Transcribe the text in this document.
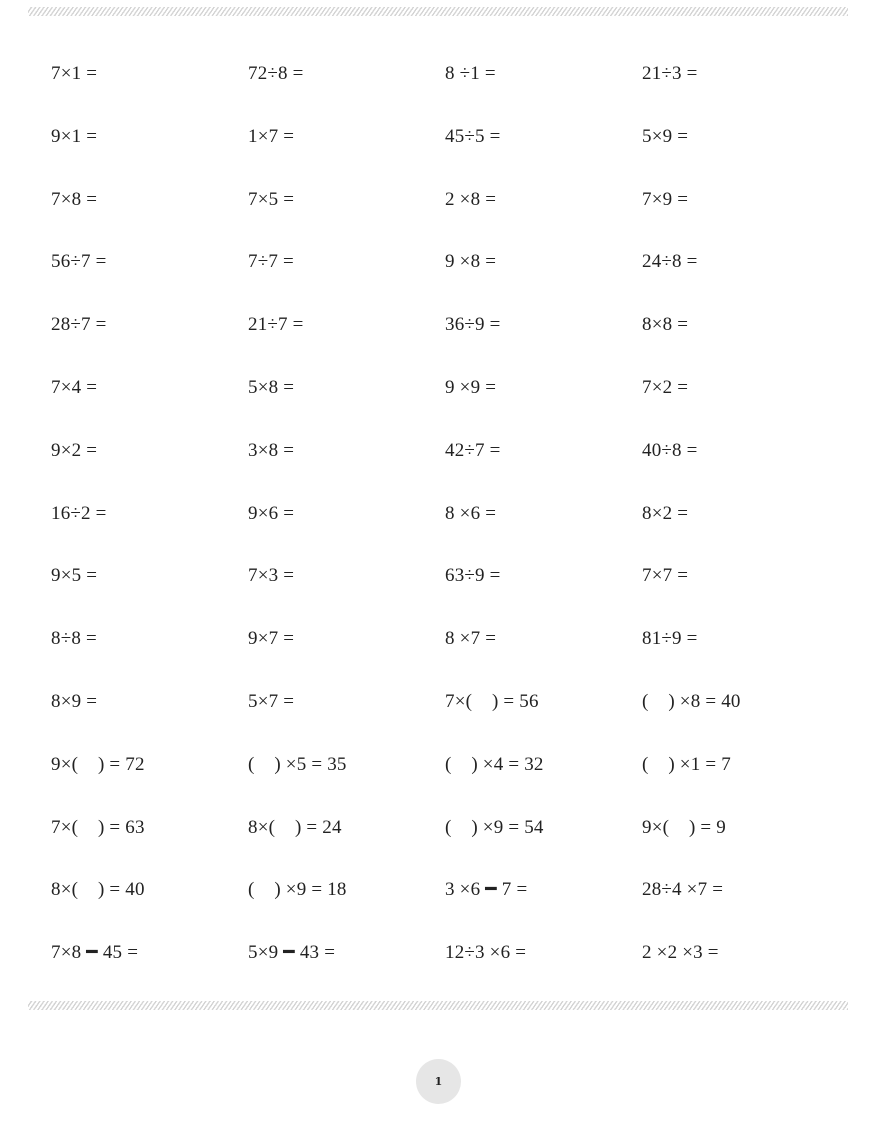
7×1 =	72÷8 =	8 ÷1 =	21÷3 =
9×1 =	1×7 =	45÷5 =	5×9 =
7×8 =	7×5 =	2 ×8 =	7×9 =
56÷7 =	7÷7 =	9 ×8 =	24÷8 =
28÷7 =	21÷7 =	36÷9 =	8×8 =
7×4 =	5×8 =	9 ×9 =	7×2 =
9×2 =	3×8 =	42÷7 =	40÷8 =
16÷2 =	9×6 =	8 ×6 =	8×2 =
9×5 =	7×3 =	63÷9 =	7×7 =
8÷8 =	9×7 =	8 ×7 =	81÷9 =
8×9 =	5×7 =	7×(    ) = 56	(    ) ×8 = 40
9×(    ) = 72	(    ) ×5 = 35	(    ) ×4 = 32	(    ) ×1 = 7
7×(    ) = 63	8×(    ) = 24	(    ) ×9 = 54	9×(    ) = 9
8×(    ) = 40	(    ) ×9 = 18	3 ×6 ━ 7 =	28÷4 ×7 =
7×8 ━ 45 =	5×9 ━ 43 =	12÷3 ×6 =	2 ×2 ×3 =
1
